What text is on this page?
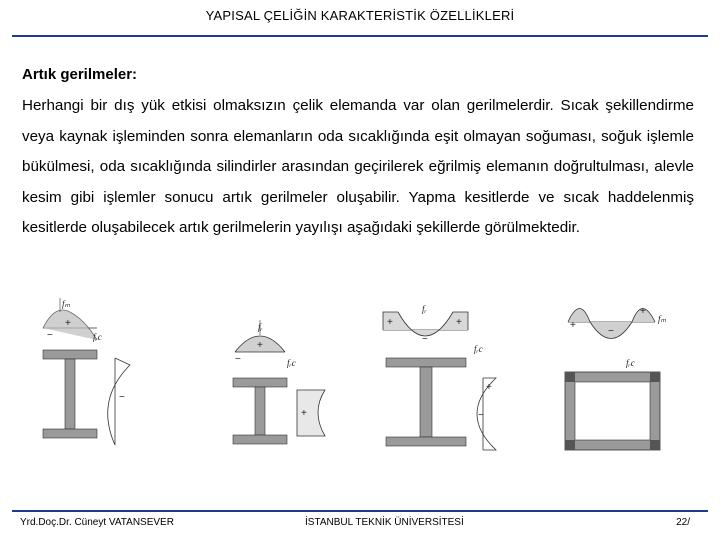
YAPISAL ÇELİĞİN KARAKTERİSTİK ÖZELLİKLERİ
Artık gerilmeler:
Herhangi bir dış yük etkisi olmaksızın çelik elemanda var olan gerilmelerdir. Sıcak şekillendirme veya kaynak işleminden sonra elemanların oda sıcaklığında eşit olmayan soğuması, soğuk işlemle bükülmesi, oda sıcaklığında silindirler arasından geçirilerek eğrilmiş elemanın doğrultulması, alevle kesim gibi işlemler sonucu artık gerilmeler oluşabilir. Yapma kesitlerde ve sıcak haddelenmiş kesitlerde oluşabilecek artık gerilmelerin yayılışı aşağıdaki şekillerde görülmektedir.
fₘ
+
−	fᵣc
−
fᵣ
+
−	fᵣc
+
fᵣ
+	+
−
fᵣc
+
−
+
+
−
fₘ
fᵣc
Yrd.Doç.Dr. Cüneyt VATANSEVER	İSTANBUL TEKNİK ÜNİVERSİTESİ	22/
